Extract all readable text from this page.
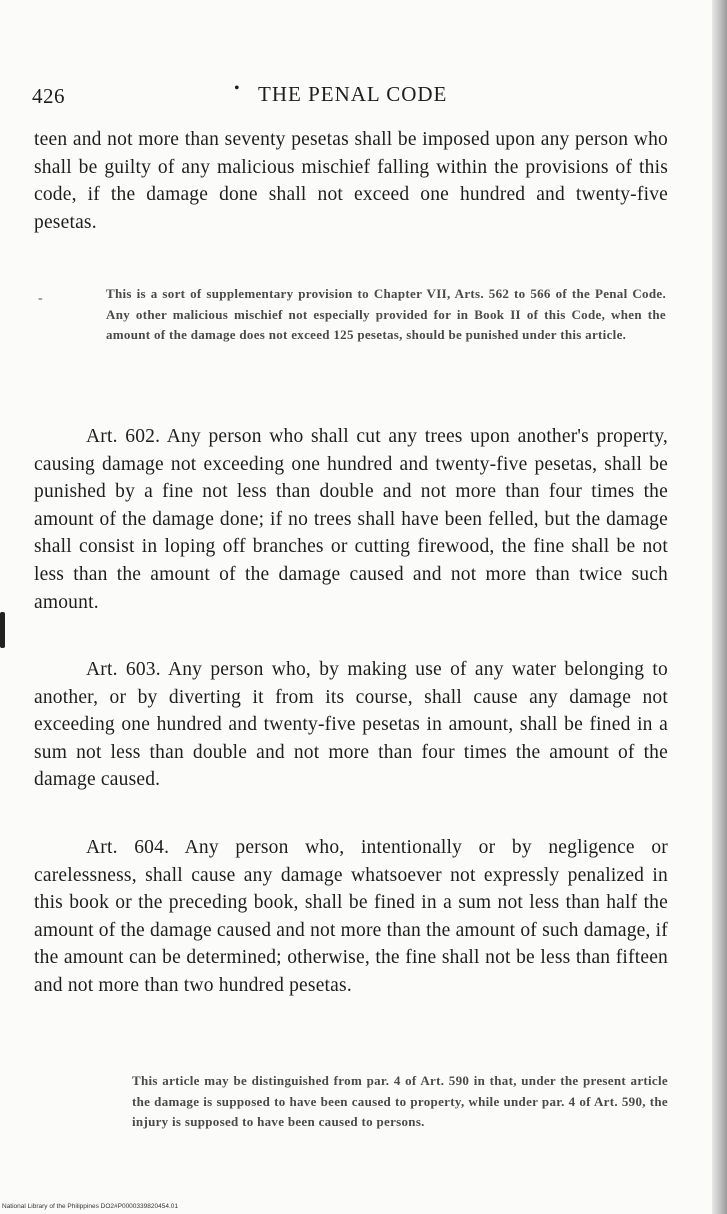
426	• THE PENAL CODE

teen and not more than seventy pesetas shall be imposed upon any person who shall be guilty of any malicious mischief falling within the provisions of this code, if the damage done shall not exceed one hundred and twenty-five pesetas.

-	This is a sort of supplementary provision to Chapter VII, Arts. 562 to 566 of the Penal Code. Any other malicious mischief not especially provided for in Book II of this Code, when the amount of the damage does not exceed 125 pesetas, should be punished under this article.

Art. 602. Any person who shall cut any trees upon another's property, causing damage not exceeding one hundred and twenty-five pesetas, shall be punished by a fine not less than double and not more than four times the amount of the damage done; if no trees shall have been felled, but the damage shall consist in loping off branches or cutting firewood, the fine shall be not less than the amount of the damage caused and not more than twice such amount.

Art. 603. Any person who, by making use of any water belonging to another, or by diverting it from its course, shall cause any damage not exceeding one hundred and twenty-five pesetas in amount, shall be fined in a sum not less than double and not more than four times the amount of the damage caused.

Art. 604. Any person who, intentionally or by negligence or carelessness, shall cause any damage whatsoever not expressly penalized in this book or the preceding book, shall be fined in a sum not less than half the amount of the damage caused and not more than the amount of such damage, if the amount can be determined; otherwise, the fine shall not be less than fifteen and not more than two hundred pesetas.

This article may be distinguished from par. 4 of Art. 590 in that, under the present article the damage is supposed to have been caused to property, while under par. 4 of Art. 590, the injury is supposed to have been caused to persons.

National Library of the Philippines DO2#P0000339820454.01
